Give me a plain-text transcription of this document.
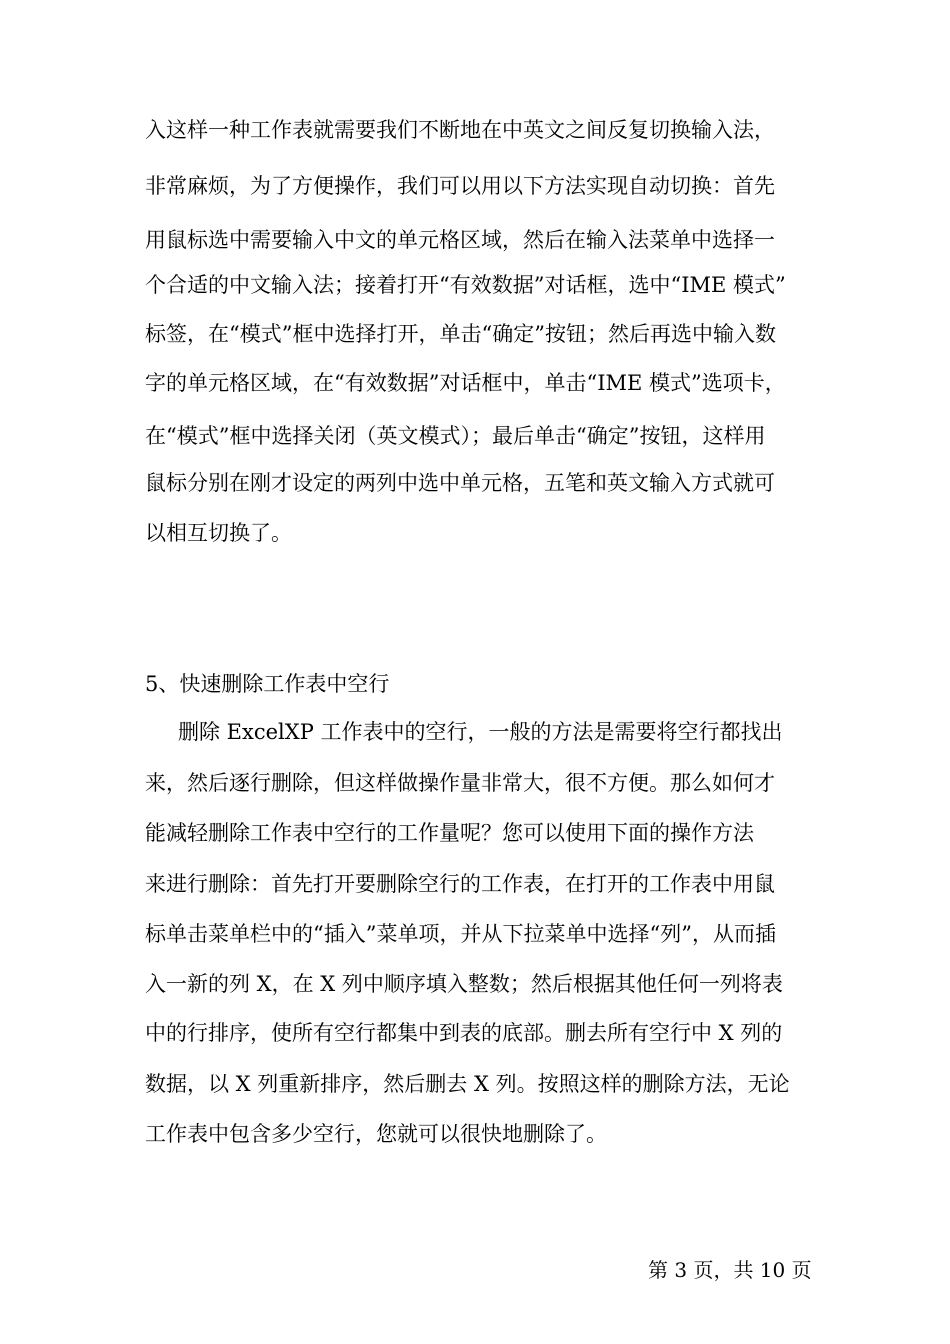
入这样一种工作表就需要我们不断地在中英文之间反复切换输入法，
非常麻烦，为了方便操作，我们可以用以下方法实现自动切换：首先
用鼠标选中需要输入中文的单元格区域，然后在输入法菜单中选择一
个合适的中文输入法；接着打开“有效数据”对话框，选中“IME 模式”
标签，在“模式”框中选择打开，单击“确定”按钮；然后再选中输入数
字的单元格区域，在“有效数据”对话框中，单击“IME 模式”选项卡，
在“模式”框中选择关闭（英文模式）；最后单击“确定”按钮，这样用
鼠标分别在刚才设定的两列中选中单元格，五笔和英文输入方式就可
以相互切换了。
5、快速删除工作表中空行
删除 ExcelXP 工作表中的空行，一般的方法是需要将空行都找出
来，然后逐行删除，但这样做操作量非常大，很不方便。那么如何才
能减轻删除工作表中空行的工作量呢？您可以使用下面的操作方法
来进行删除：首先打开要删除空行的工作表，在打开的工作表中用鼠
标单击菜单栏中的“插入”菜单项，并从下拉菜单中选择“列”，从而插
入一新的列 X，在 X 列中顺序填入整数；然后根据其他任何一列将表
中的行排序，使所有空行都集中到表的底部。删去所有空行中 X 列的
数据，以 X 列重新排序，然后删去 X 列。按照这样的删除方法，无论
工作表中包含多少空行，您就可以很快地删除了。
第 3 页，共 10 页
